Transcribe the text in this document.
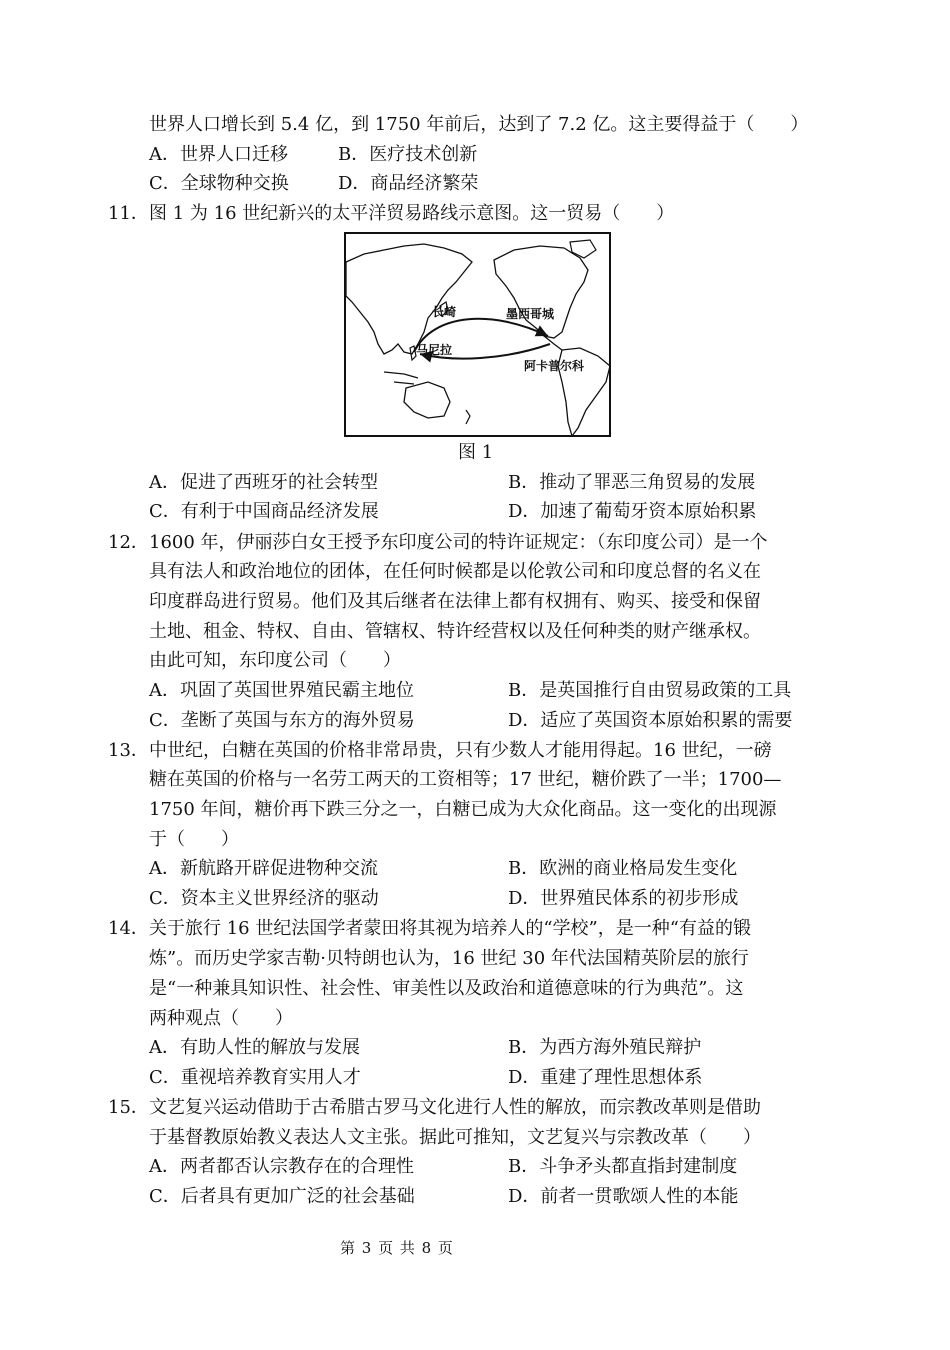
世界人口增长到 5.4 亿，到 1750 年前后，达到了 7.2 亿。这主要得益于（　　）
A．世界人口迁移	B．医疗技术创新
C．全球物种交换	D．商品经济繁荣
11． 图 1 为 16 世纪新兴的太平洋贸易路线示意图。这一贸易（　　）
长崎	墨西哥城
马尼拉
阿卡普尔科
图 1
A．促进了西班牙的社会转型	B．推动了罪恶三角贸易的发展
C．有利于中国商品经济发展	D．加速了葡萄牙资本原始积累
12． 1600 年，伊丽莎白女王授予东印度公司的特许证规定：（东印度公司）是一个
具有法人和政治地位的团体，在任何时候都是以伦敦公司和印度总督的名义在
印度群岛进行贸易。他们及其后继者在法律上都有权拥有、购买、接受和保留
土地、租金、特权、自由、管辖权、特许经营权以及任何种类的财产继承权。
由此可知，东印度公司（　　）
A．巩固了英国世界殖民霸主地位	B．是英国推行自由贸易政策的工具
C．垄断了英国与东方的海外贸易	D．适应了英国资本原始积累的需要
13． 中世纪，白糖在英国的价格非常昂贵，只有少数人才能用得起。16 世纪，一磅
糖在英国的价格与一名劳工两天的工资相等；17 世纪，糖价跌了一半；1700—
1750 年间，糖价再下跌三分之一，白糖已成为大众化商品。这一变化的出现源
于（　　）
A．新航路开辟促进物种交流	B．欧洲的商业格局发生变化
C．资本主义世界经济的驱动	D．世界殖民体系的初步形成
14． 关于旅行 16 世纪法国学者蒙田将其视为培养人的“学校”，是一种“有益的锻
炼”。而历史学家吉勒·贝特朗也认为，16 世纪 30 年代法国精英阶层的旅行
是“一种兼具知识性、社会性、审美性以及政治和道德意味的行为典范”。这
两种观点（　　）
A．有助人性的解放与发展	B．为西方海外殖民辩护
C．重视培养教育实用人才	D．重建了理性思想体系
15． 文艺复兴运动借助于古希腊古罗马文化进行人性的解放，而宗教改革则是借助
于基督教原始教义表达人文主张。据此可推知，文艺复兴与宗教改革（　　）
A．两者都否认宗教存在的合理性	B．斗争矛头都直指封建制度
C．后者具有更加广泛的社会基础	D．前者一贯歌颂人性的本能
第 3 页 共 8 页
